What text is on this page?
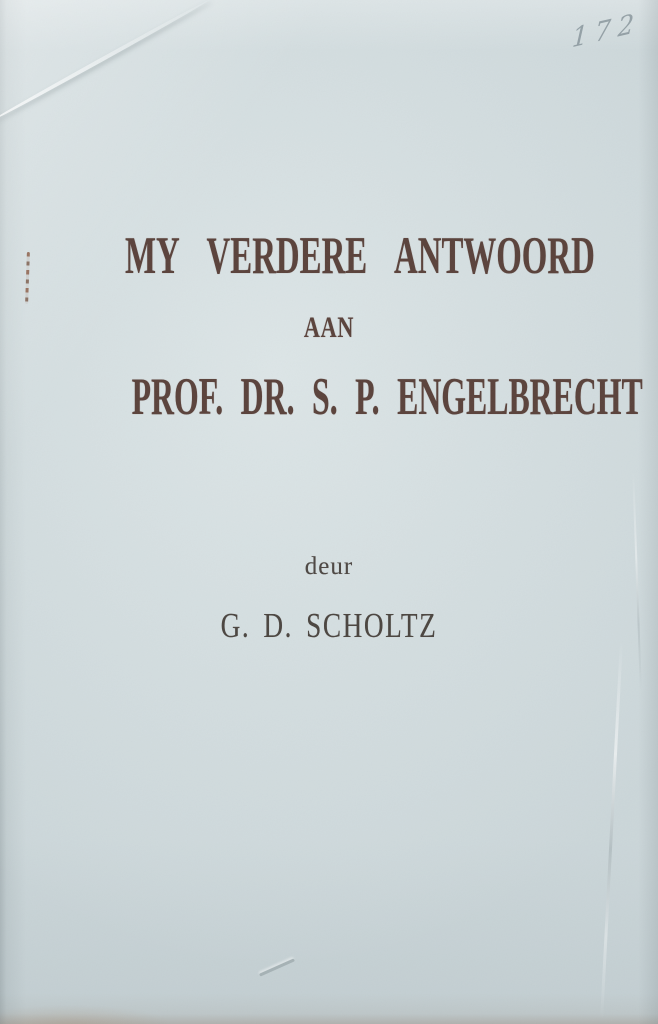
172
MY VERDERE ANTWOORD
AAN
PROF. DR. S. P. ENGELBRECHT
deur
G. D. SCHOLTZ
